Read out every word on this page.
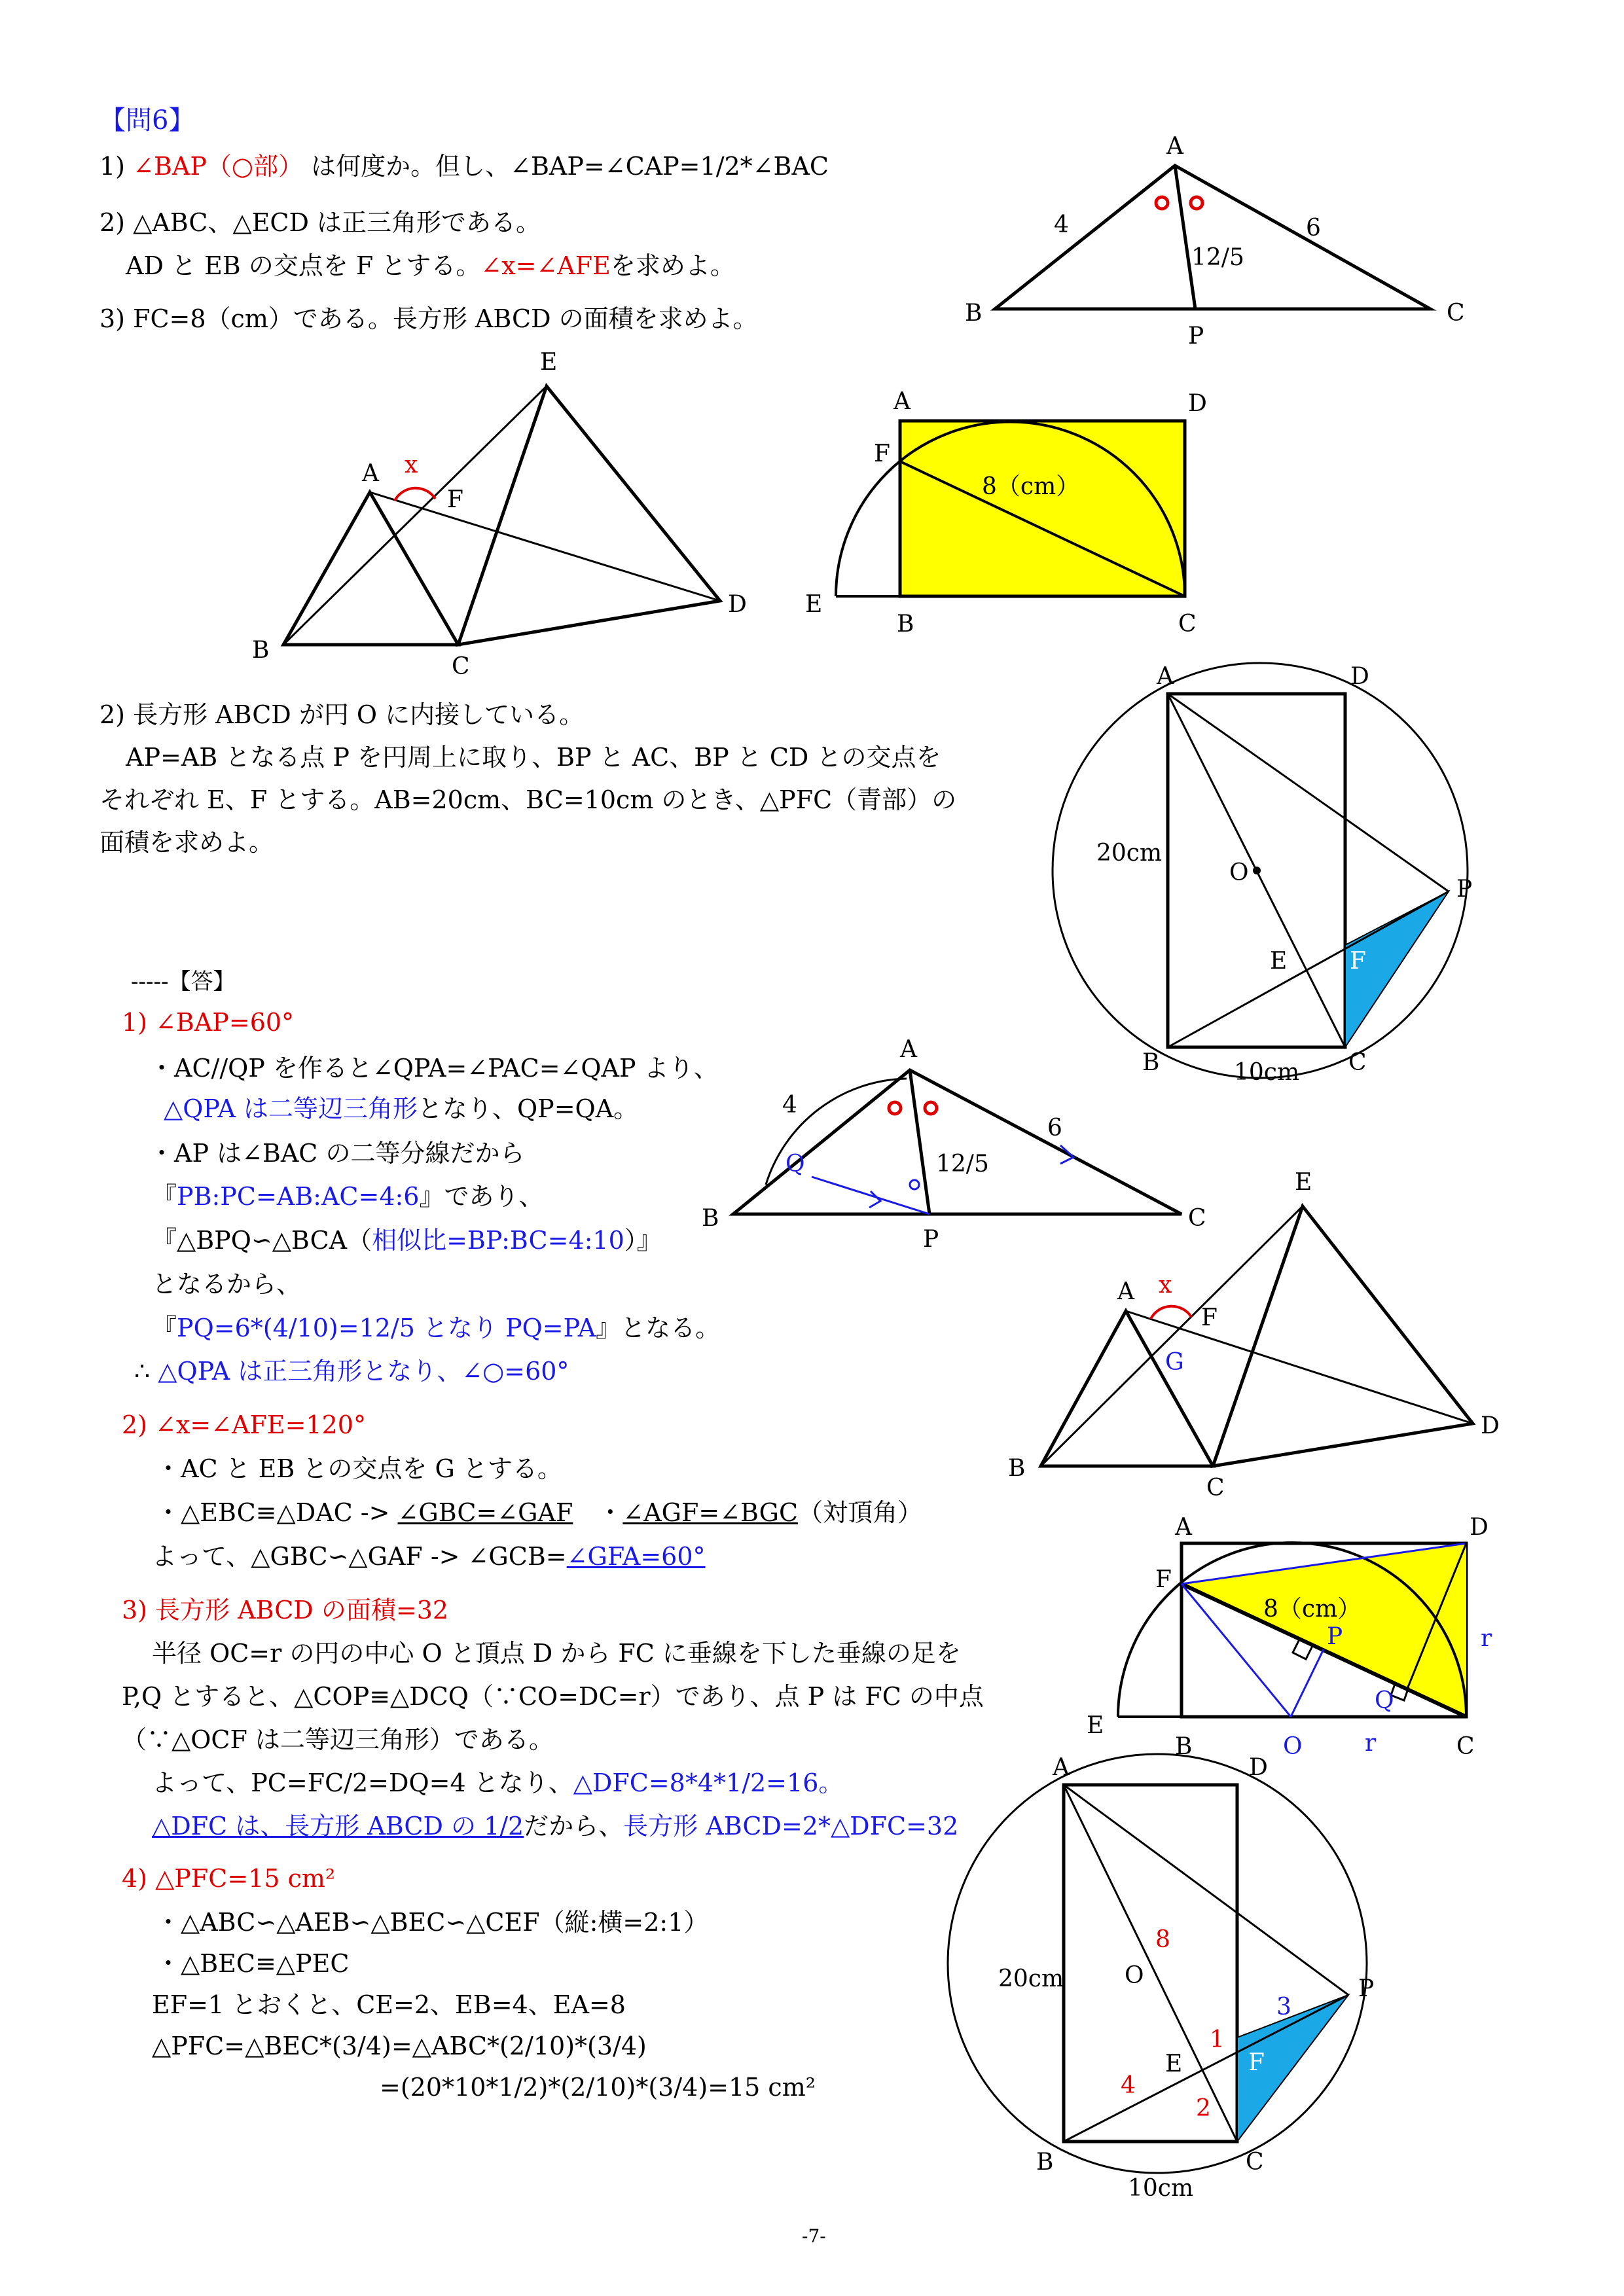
【問6】
1) ∠BAP（○部） は何度か。但し、∠BAP=∠CAP=1/2*∠BAC
2) △ABC、△ECD は正三角形である。
AD と EB の交点を F とする。∠x=∠AFEを求めよ。
3) FC=8（cm）である。長方形 ABCD の面積を求めよ。
2) 長方形 ABCD が円 O に内接している。
AP=AB となる点 P を円周上に取り、BP と AC、BP と CD との交点を
それぞれ E、F とする。AB=20cm、BC=10cm のとき、△PFC（青部）の
面積を求めよ。
-----【答】
1) ∠BAP=60°
・AC//QP を作ると∠QPA=∠PAC=∠QAP より、
△QPA は二等辺三角形となり、QP=QA。
・AP は∠BAC の二等分線だから
『PB:PC=AB:AC=4:6』であり、
『△BPQ∽△BCA（相似比=BP:BC=4:10）』
となるから、
『PQ=6*(4/10)=12/5 となり PQ=PA』となる。
∴ △QPA は正三角形となり、∠○=60°
2) ∠x=∠AFE=120°
・AC と EB との交点を G とする。
・△EBC≡△DAC -> ∠GBC=∠GAF　 ・∠AGF=∠BGC（対頂角）
よって、△GBC∽△GAF -> ∠GCB=∠GFA=60°　
3) 長方形 ABCD の面積=32
半径 OC=r の円の中心 O と頂点 D から FC に垂線を下した垂線の足を
P,Q とすると、△COP≡△DCQ（∵CO=DC=r）であり、点 P は FC の中点
（∵△OCF は二等辺三角形）である。
よって、PC=FC/2=DQ=4 となり、△DFC=8*4*1/2=16。
△DFC は、長方形 ABCD の 1/2だから、長方形 ABCD=2*△DFC=32
4) △PFC=15 cm²
・△ABC∽△AEB∽△BEC∽△CEF（縦:横=2:1）
・△BEC≡△PEC
EF=1 とおくと、CE=2、EB=4、EA=8
△PFC=△BEC*(3/4)=△ABC*(2/10)*(3/4)
=(20*10*1/2)*(2/10)*(3/4)=15 cm²
-7-
A
B	C
P
4	6
12/5
x
A
B
C
D
E
F
A	D
F
E
B	C
8（cm）
A	D
B	C
O
P
E	F
20cm
10cm
A
B	C
P
Q
4
6
12/5
x
A
B
C
D
E
F
G
A	D
F
E
B	O	C
P
Q
8（cm）
r
r
A	D
B	C
O	P
E	F
20cm
10cm
8
1
4
2
3
